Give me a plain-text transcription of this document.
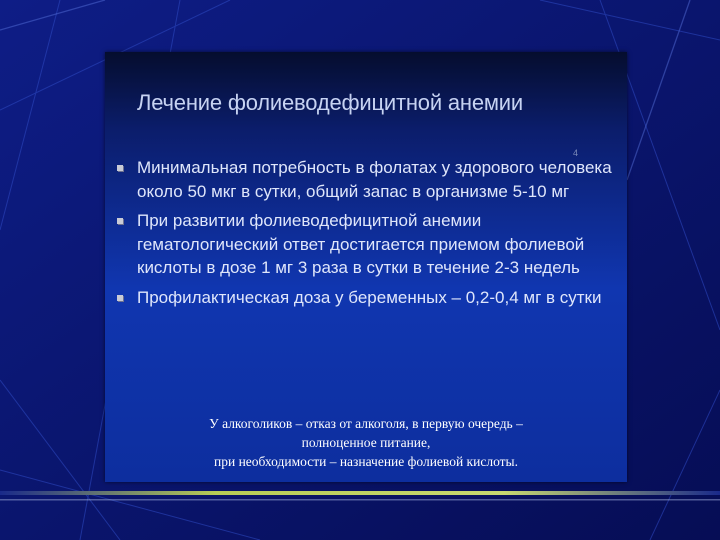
Лечение фолиеводефицитной анемии
4
Минимальная потребность в фолатах у здорового человека около 50 мкг в сутки, общий запас в организме 5-10 мг
При развитии фолиеводефицитной анемии гематологический ответ достигается приемом фолиевой кислоты в дозе 1 мг 3 раза в сутки в течение 2-3 недель
Профилактическая доза у беременных – 0,2-0,4 мг в сутки
У алкоголиков – отказ от алкоголя, в первую очередь –
полноценное питание,
при необходимости – назначение фолиевой кислоты.
